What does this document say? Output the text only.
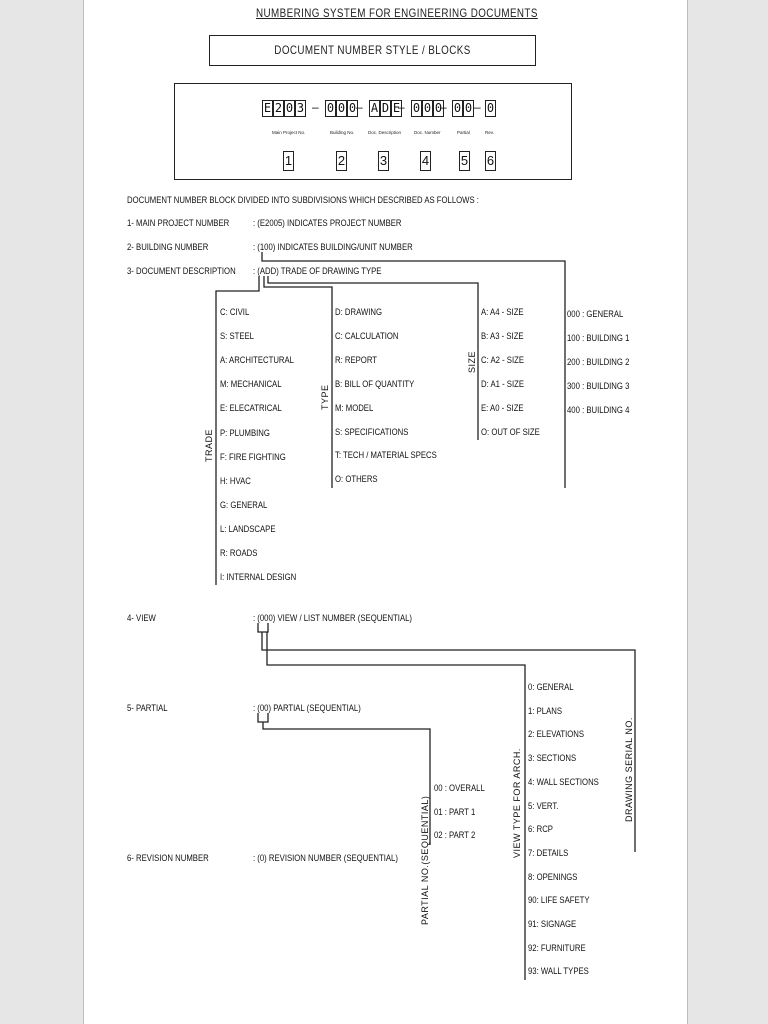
NUMBERING SYSTEM FOR ENGINEERING DOCUMENTS
DOCUMENT NUMBER STYLE / BLOCKS
E 2 0 3 0 0 0 A D E 0 0 0 0 0 0
–	–	–	– –
Main Project No.	Building No.	Doc. Description	Doc. Number	Partial	Rev.
1	2	3	4 5 6
DOCUMENT NUMBER BLOCK DIVIDED INTO SUBDIVISIONS WHICH DESCRIBED AS FOLLOWS :
1- MAIN PROJECT NUMBER	: (E2005) INDICATES PROJECT NUMBER
2- BUILDING NUMBER	: (100) INDICATES BUILDING/UNIT NUMBER
3- DOCUMENT DESCRIPTION : (ADD) TRADE OF DRAWING TYPE
4- VIEW	: (000) VIEW / LIST NUMBER (SEQUENTIAL)
5- PARTIAL	: (00) PARTIAL (SEQUENTIAL)
6- REVISION NUMBER	: (0) REVISION NUMBER (SEQUENTIAL)
TRADE
C: CIVIL
S: STEEL
A: ARCHITECTURAL
M: MECHANICAL
E: ELECATRICAL
P: PLUMBING
F: FIRE FIGHTING
H: HVAC
G: GENERAL
L: LANDSCAPE
R: ROADS
I: INTERNAL DESIGN
TYPE
D: DRAWING
C: CALCULATION
R: REPORT
B: BILL OF QUANTITY
M: MODEL
S: SPECIFICATIONS
T: TECH / MATERIAL SPECS
O: OTHERS
SIZE
A: A4 - SIZE
B: A3 - SIZE
C: A2 - SIZE
D: A1 - SIZE
E: A0 - SIZE
O: OUT OF SIZE
000 : GENERAL
100 : BUILDING 1
200 : BUILDING 2
300 : BUILDING 3
400 : BUILDING 4
PARTIAL NO.(SEQUENTIAL)
00 : OVERALL
01 : PART 1
02 : PART 2	VIEW TYPE FOR ARCH.
0: GENERAL
1: PLANS
2: ELEVATIONS
3: SECTIONS
4: WALL SECTIONS
5: VERT.
6: RCP
7: DETAILS
8: OPENINGS
90: LIFE SAFETY
91: SIGNAGE
92: FURNITURE
93: WALL TYPES
DRAWING SERIAL NO.
